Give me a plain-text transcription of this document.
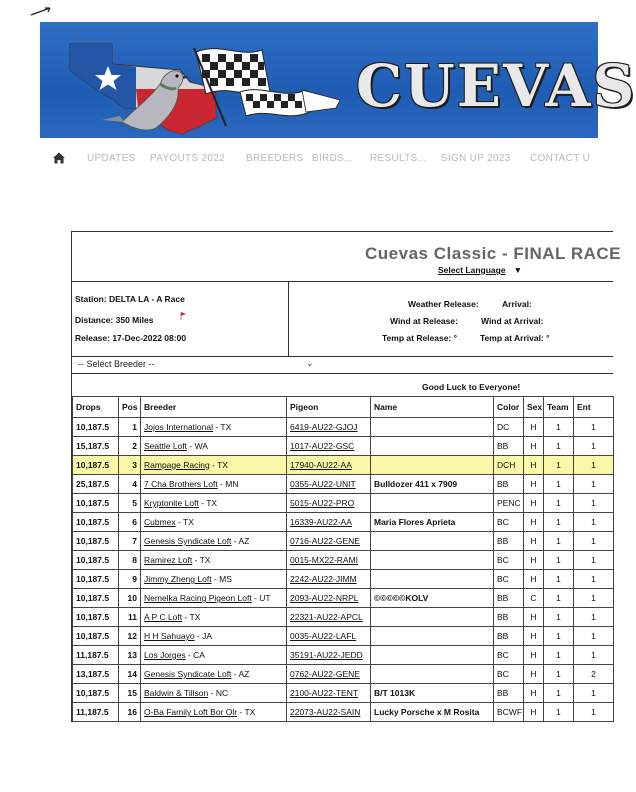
CUEVAS
UPDATES PAYOUTS 2022 BREEDERS BIRDS... RESULTS... SIGN UP 2023 CONTACT U
Cuevas Classic - FINAL RACE
Select Language ▼
Station: DELTA LA - A Race
Distance: 350 Miles
Release: 17-Dec-2022 08:00
Weather Release:	Arrival:
Wind at Release:	Wind at Arrival:
Temp at Release: °	Temp at Arrival: °
-- Select Breeder --	⌄
Good Luck to Everyone!
Drops	Pos	Breeder	Pigeon	Name	Color	Sex	Team	Ent
10,187.5	1	Jojos International - TX	6419-AU22-GJOJ		DC	H	1	1
15,187.5	2	Seattle Loft - WA	1017-AU22-GSC		BB	H	1	1
10,187.5	3	Rampage Racing - TX	17940-AU22-AA		DCH	H	1	1
25,187.5	4	7 Cha Brothers Loft - MN	0355-AU22-UNIT	Bulldozer 411 x 7909	BB	H	1	1
10,187.5	5	Kryptonite Loft - TX	5015-AU22-PRO		PENC	H	1	1
10,187.5	6	Cubmex - TX	16339-AU22-AA	Maria Flores Aprieta	BC	H	1	1
10,187.5	7	Genesis Syndicate Loft - AZ	0716-AU22-GENE		BB	H	1	1
10,187.5	8	Ramirez Loft - TX	0015-MX22-RAMI		BC	H	1	1
10,187.5	9	Jimmy Zheng Loft - MS	2242-AU22-JIMM		BC	H	1	1
10,187.5	10	Nemelka Racing Pigeon Loft - UT	2093-AU22-NRPL	©©©©©KOLV	BB	C	1	1
10,187.5	11	A P C Loft - TX	22321-AU22-APCL		BB	H	1	1
10,187.5	12	H H Sahuayo - JA	0035-AU22-LAFL		BB	H	1	1
11,187.5	13	Los Jorges - CA	35191-AU22-JEDD		BC	H	1	1
13,187.5	14	Genesis Syndicate Loft - AZ	0762-AU22-GENE		BC	H	1	2
10,187.5	15	Baldwin & Tillson - NC	2100-AU22-TENT	B/T 1013K	BB	H	1	1
11,187.5	16	O-Ba Family Loft Bor Olr - TX	22073-AU22-SAIN	Lucky Porsche x M Rosita	BCWF	H	1	1
